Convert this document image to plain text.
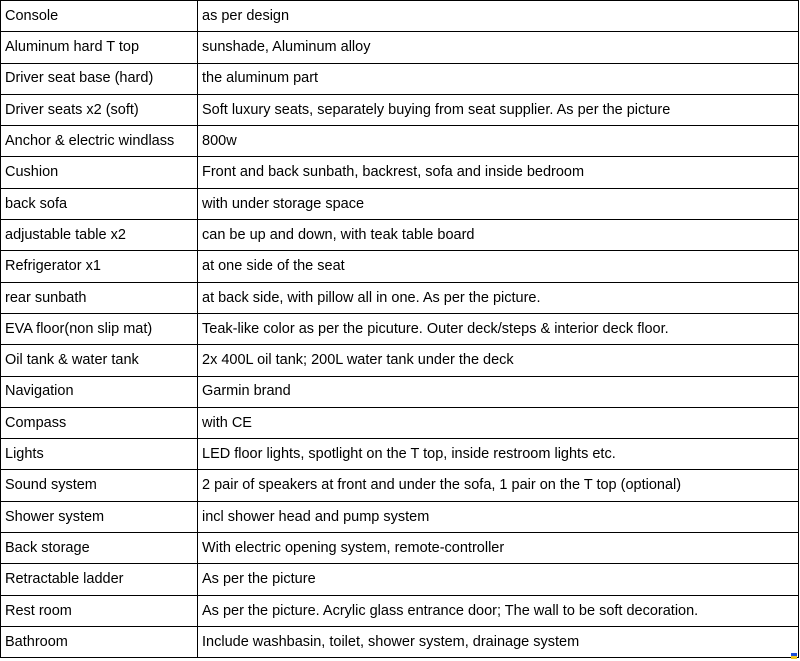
Console	as per design
Aluminum hard T top	sunshade, Aluminum alloy
Driver seat base (hard)	the aluminum part
Driver seats x2 (soft)	Soft luxury seats, separately buying from seat supplier. As per the picture
Anchor & electric windlass	800w
Cushion	Front and back sunbath, backrest, sofa and inside bedroom
back sofa	with under storage space
adjustable table x2	can be up and down, with teak table board
Refrigerator x1	at one side of the seat
rear sunbath	at back side, with pillow all in one. As per the picture.
EVA floor(non slip mat)	Teak-like color as per the picuture. Outer deck/steps & interior deck floor.
Oil tank & water tank	2x 400L oil tank; 200L water tank under the deck
Navigation	Garmin brand
Compass	with CE
Lights	LED floor lights, spotlight on the T top, inside restroom lights etc.
Sound system	2 pair of speakers at front and under the sofa, 1 pair on the T top (optional)
Shower system	incl shower head and pump system
Back storage	With electric opening system, remote-controller
Retractable ladder	As per the picture
Rest room	As per the picture. Acrylic glass entrance door; The wall to be soft decoration.
Bathroom	Include washbasin, toilet, shower system, drainage system
